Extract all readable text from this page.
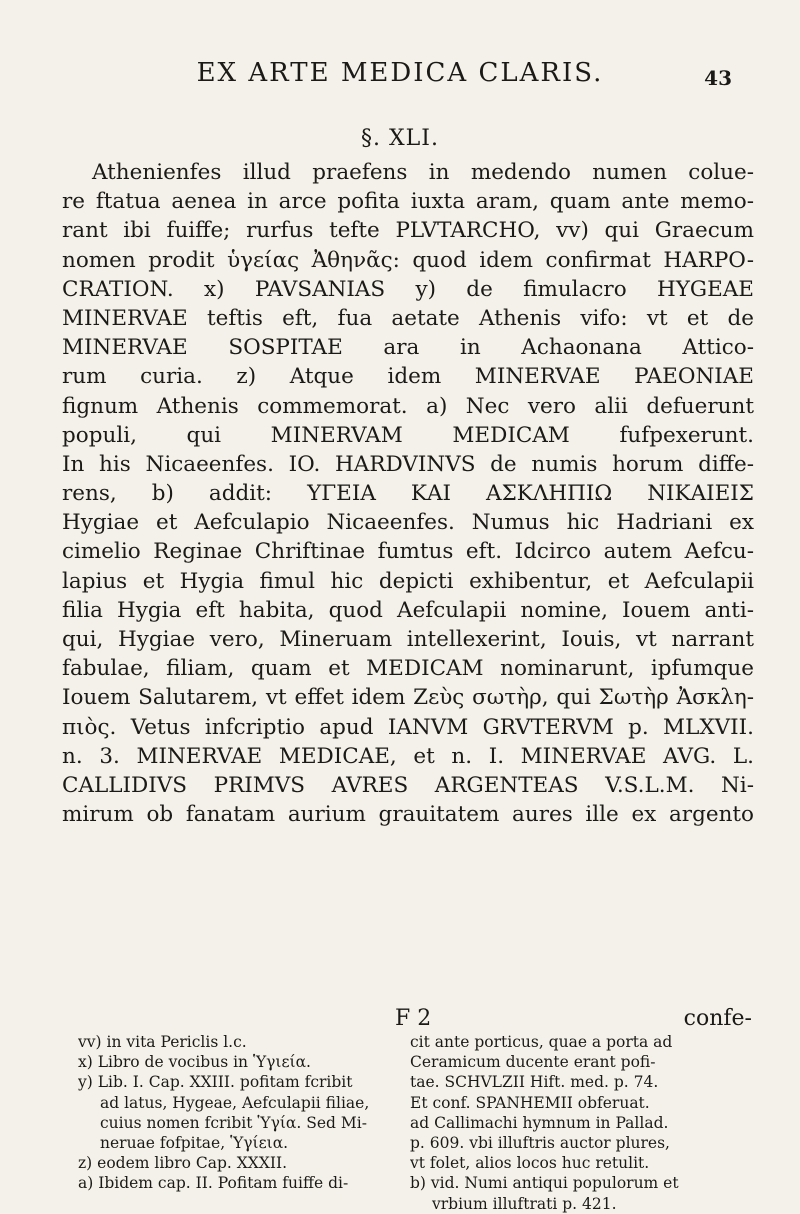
EX ARTE MEDICA CLARIS.	43
§. XLI.
Athenienfes illud praefens in medendo numen colue-
re ftatua aenea in arce pofita iuxta aram, quam ante memo-
rant ibi fuiffe; rurfus tefte PLVTARCHO, vv) qui Graecum
nomen prodit ὑγείας Ἀθηνᾶς: quod idem confirmat HARPO-
CRATION. x) PAVSANIAS y) de fimulacro HYGEAE
MINERVAE teftis eft, fua aetate Athenis vifo: vt et de
MINERVAE SOSPITAE ara in Achaonana Attico-
rum curia. z) Atque idem MINERVAE PAEONIAE
fignum Athenis commemorat. a) Nec vero alii defuerunt
populi, qui MINERVAM MEDICAM fufpexerunt.
In his Nicaeenfes. IO. HARDVINVS de numis horum diffe-
rens, b) addit: ΥΓΕΙΑ ΚΑΙ ΑΣΚΛΗΠΙΩ ΝΙΚΑΙΕΙΣ
Hygiae et Aefculapio Nicaeenfes. Numus hic Hadriani ex
cimelio Reginae Chriftinae fumtus eft. Idcirco autem Aefcu-
lapius et Hygia fimul hic depicti exhibentur, et Aefculapii
filia Hygia eft habita, quod Aefculapii nomine, Iouem anti-
qui, Hygiae vero, Mineruam intellexerint, Iouis, vt narrant
fabulae, filiam, quam et MEDICAM nominarunt, ipfumque
Iouem Salutarem, vt effet idem Ζεὺς σωτὴρ, qui Σωτὴρ Ἀσκλη-
πιὸς. Vetus infcriptio apud IANVM GRVTERVM p. MLXVII.
n. 3. MINERVAE MEDICAE, et n. I. MINERVAE AVG. L.
CALLIDIVS PRIMVS AVRES ARGENTEAS V.S.L.M. Ni-
mirum ob fanatam aurium grauitatem aures ille ex argento
F 2	confe-
vv) in vita Periclis l.c.
x) Libro de vocibus in Ὑγιεία.
y) Lib. I. Cap. XXIII. pofitam fcribit
ad latus, Hygeae, Aefculapii filiae,
cuius nomen fcribit Ὑγία. Sed Mi-
neruae fofpitae, Ὑγίεια.
z) eodem libro Cap. XXXII.
a) Ibidem cap. II. Pofitam fuiffe di-
cit ante porticus, quae a porta ad
Ceramicum ducente erant pofi-
tae. SCHVLZII Hift. med. p. 74.
Et conf. SPANHEMII obferuat.
ad Callimachi hymnum in Pallad.
p. 609. vbi illuftris auctor plures,
vt folet, alios locos huc retulit.
b) vid. Numi antiqui populorum et
vrbium illuftrati p. 421.
